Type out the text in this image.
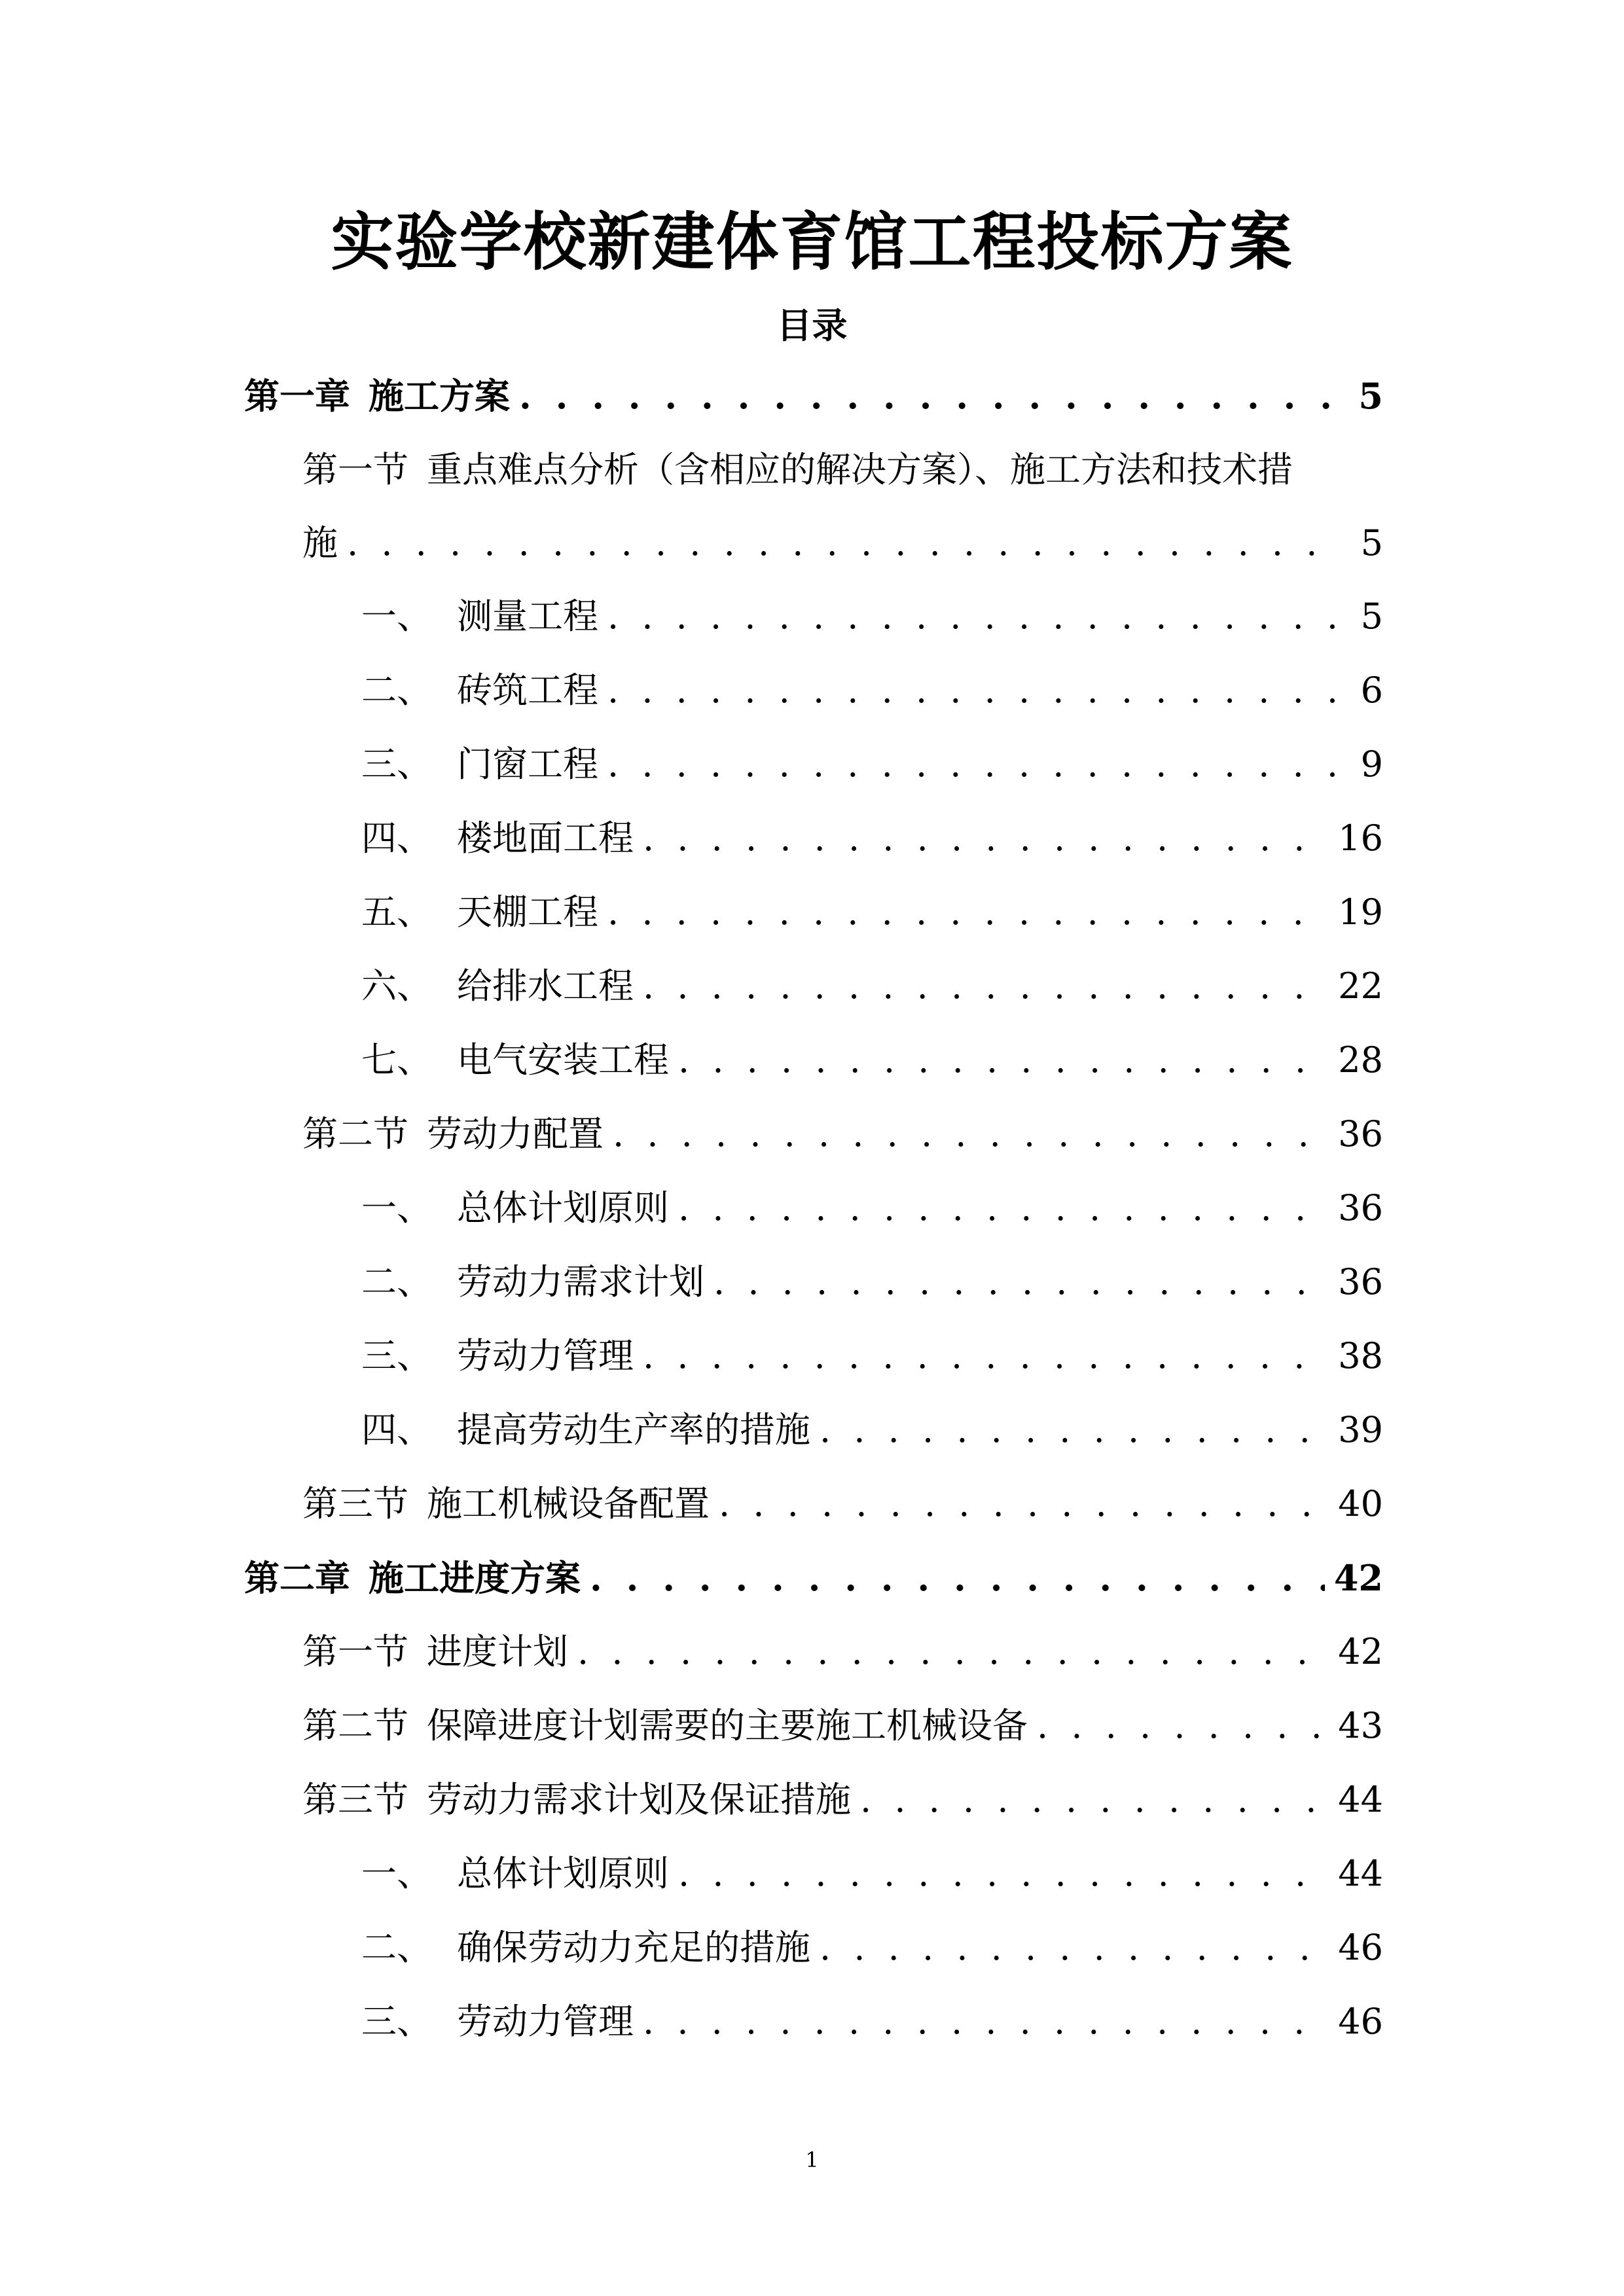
实验学校新建体育馆工程投标方案
目录
第一章 施工方案 . . .	5
第一节 重点难点分析（含相应的解决方案）、施工方法和技术措
施 . . .	5
一、 测量工程 . . .	5
二、 砖筑工程 . . .	6
三、 门窗工程 . . .	9
四、 楼地面工程 . . .	16
五、 天棚工程 . . .	19
六、 给排水工程 . . .	22
七、 电气安装工程 . . .	28
第二节 劳动力配置 . . .	36
一、 总体计划原则 . . .	36
二、 劳动力需求计划 . . .	36
三、 劳动力管理 . . .	38
四、 提高劳动生产率的措施 . . .	39
第三节 施工机械设备配置 . . .	40
第二章 施工进度方案 . . .	42
第一节 进度计划 . . .	42
第二节 保障进度计划需要的主要施工机械设备 . . .	43
第三节 劳动力需求计划及保证措施 . . .	44
一、 总体计划原则 . . .	44
二、 确保劳动力充足的措施 . . .	46
三、 劳动力管理 . . .	46
1
